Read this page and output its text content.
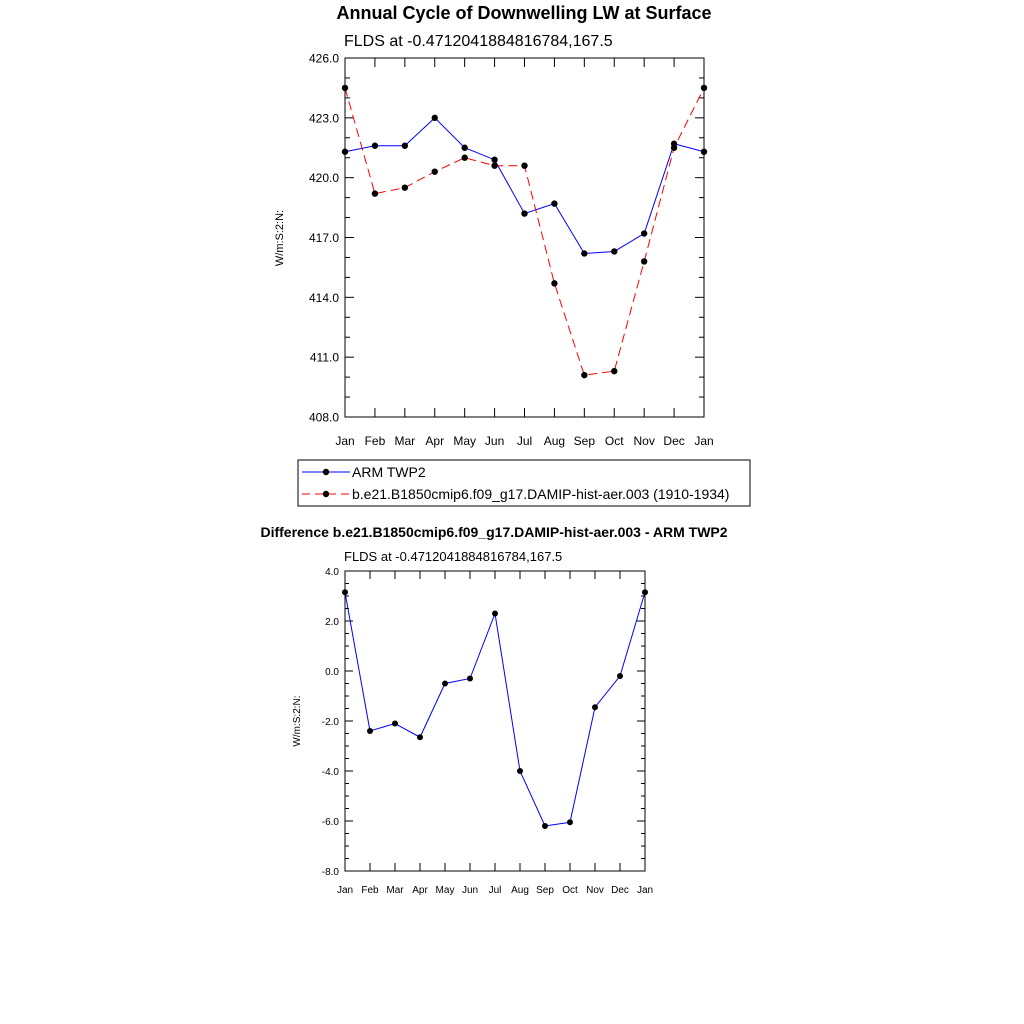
Annual Cycle of Downwelling LW at Surface
FLDS at -0.4712041884816784,167.5
W/m:S:2:N:
408.0
411.0
414.0
417.0
420.0
423.0
426.0
Jan Feb Mar Apr May Jun Jul Aug Sep Oct Nov Dec Jan
ARM TWP2
b.e21.B1850cmip6.f09_g17.DAMIP-hist-aer.003 (1910-1934)
Difference b.e21.B1850cmip6.f09_g17.DAMIP-hist-aer.003 - ARM TWP2
FLDS at -0.4712041884816784,167.5
W/m:S:2:N:
-8.0
-6.0
-4.0
-2.0
0.0
2.0
4.0
Jan Feb Mar Apr May Jun Jul Aug Sep Oct Nov Dec Jan
